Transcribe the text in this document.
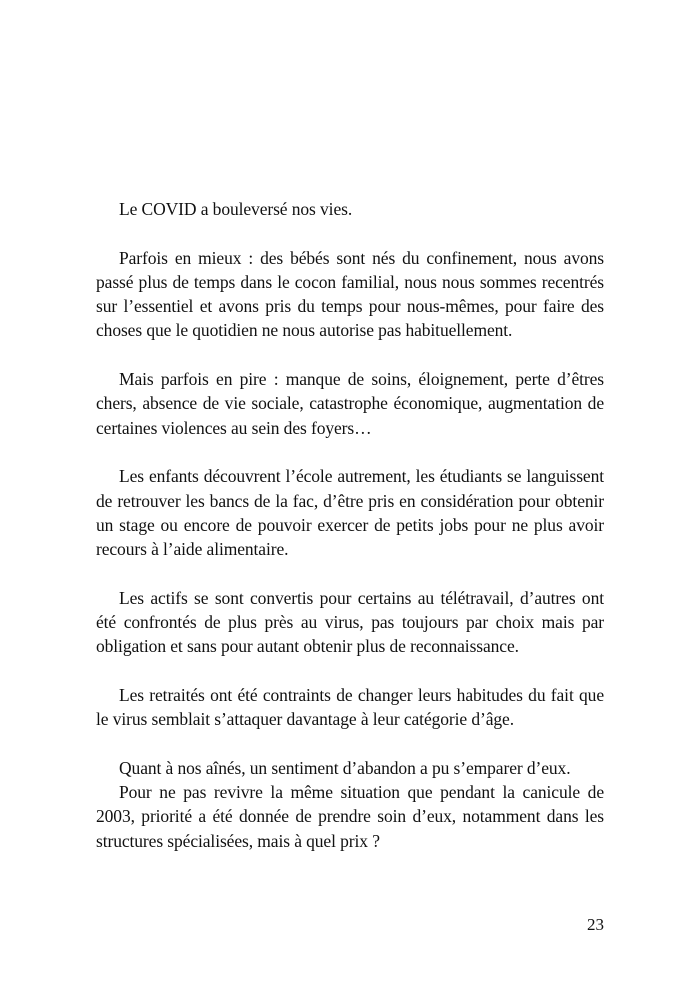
Le COVID a bouleversé nos vies.

Parfois en mieux : des bébés sont nés du confinement, nous avons passé plus de temps dans le cocon familial, nous nous sommes recentrés sur l’essentiel et avons pris du temps pour nous-mêmes, pour faire des choses que le quotidien ne nous autorise pas habituellement.

Mais parfois en pire : manque de soins, éloignement, perte d’êtres chers, absence de vie sociale, catastrophe économique, augmentation de certaines violences au sein des foyers…

Les enfants découvrent l’école autrement, les étudiants se languissent de retrouver les bancs de la fac, d’être pris en considération pour obtenir un stage ou encore de pouvoir exercer de petits jobs pour ne plus avoir recours à l’aide alimentaire.

Les actifs se sont convertis pour certains au télétravail, d’autres ont été confrontés de plus près au virus, pas toujours par choix mais par obligation et sans pour autant obtenir plus de reconnaissance.

Les retraités ont été contraints de changer leurs habitudes du fait que le virus semblait s’attaquer davantage à leur catégorie d’âge.

Quant à nos aînés, un sentiment d’abandon a pu s’emparer d’eux.

Pour ne pas revivre la même situation que pendant la canicule de 2003, priorité a été donnée de prendre soin d’eux, notamment dans les structures spécialisées, mais à quel prix ?

23
